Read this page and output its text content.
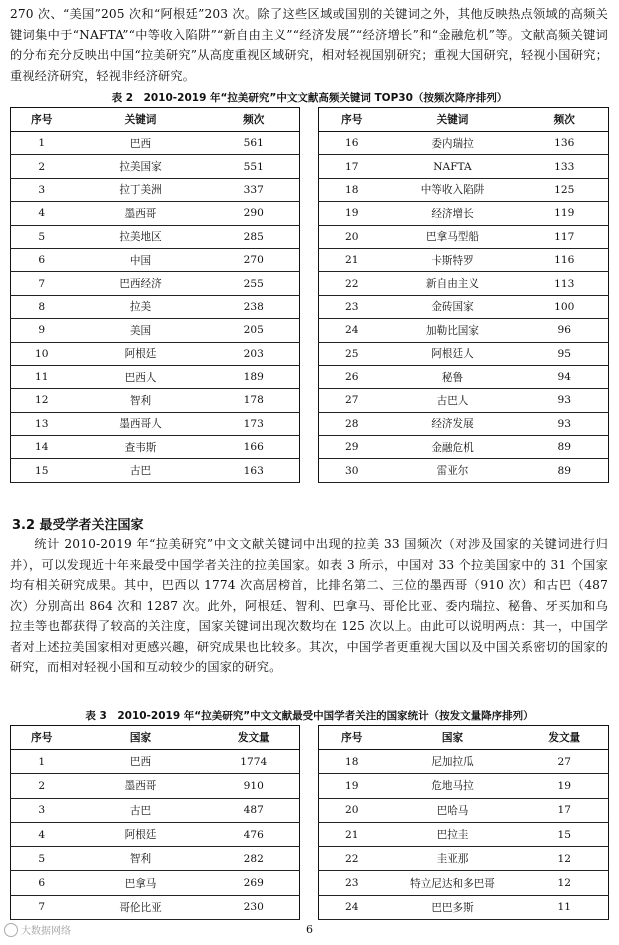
270 次、“美国”205 次和“阿根廷”203 次。除了这些区域或国别的关键词之外，其他反映热点领域的高频关键词集中于“NAFTA”“中等收入陷阱”“新自由主义”“经济发展”“经济增长”和“金融危机”等。文献高频关键词的分布充分反映出中国“拉美研究”从高度重视区域研究，相对轻视国别研究；重视大国研究，轻视小国研究；重视经济研究，轻视非经济研究。

表 2　2010-2019 年“拉美研究”中文文献高频关键词 TOP30（按频次降序排列）

序号	关键词	频次
1	巴西	561
2	拉美国家	551
3	拉丁美洲	337
4	墨西哥	290
5	拉美地区	285
6	中国	270
7	巴西经济	255
8	拉美	238
9	美国	205
10	阿根廷	203
11	巴西人	189
12	智利	178
13	墨西哥人	173
14	查韦斯	166
15	古巴	163
序号	关键词	频次
16	委内瑞拉	136
17	NAFTA	133
18	中等收入陷阱	125
19	经济增长	119
20	巴拿马型船	117
21	卡斯特罗	116
22	新自由主义	113
23	金砖国家	100
24	加勒比国家	96
25	阿根廷人	95
26	秘鲁	94
27	古巴人	93
28	经济发展	93
29	金融危机	89
30	雷亚尔	89

3.2 最受学者关注国家

统计 2010-2019 年“拉美研究”中文文献关键词中出现的拉美 33 国频次（对涉及国家的关键词进行归并），可以发现近十年来最受中国学者关注的拉美国家。如表 3 所示，中国对 33 个拉美国家中的 31 个国家均有相关研究成果。其中，巴西以 1774 次高居榜首，比排名第二、三位的墨西哥（910 次）和古巴（487 次）分别高出 864 次和 1287 次。此外，阿根廷、智利、巴拿马、哥伦比亚、委内瑞拉、秘鲁、牙买加和乌拉圭等也都获得了较高的关注度，国家关键词出现次数均在 125 次以上。由此可以说明两点：其一，中国学者对上述拉美国家相对更感兴趣，研究成果也比较多。其次，中国学者更重视大国以及中国关系密切的国家的研究，而相对轻视小国和互动较少的国家的研究。

表 3　2010-2019 年“拉美研究”中文文献最受中国学者关注的国家统计（按发文量降序排列）

序号	国家	发文量
1	巴西	1774
2	墨西哥	910
3	古巴	487
4	阿根廷	476
5	智利	282
6	巴拿马	269
7	哥伦比亚	230
序号	国家	发文量
18	尼加拉瓜	27
19	危地马拉	19
20	巴哈马	17
21	巴拉圭	15
22	圭亚那	12
23	特立尼达和多巴哥	12
24	巴巴多斯	11
大数据网络	6
